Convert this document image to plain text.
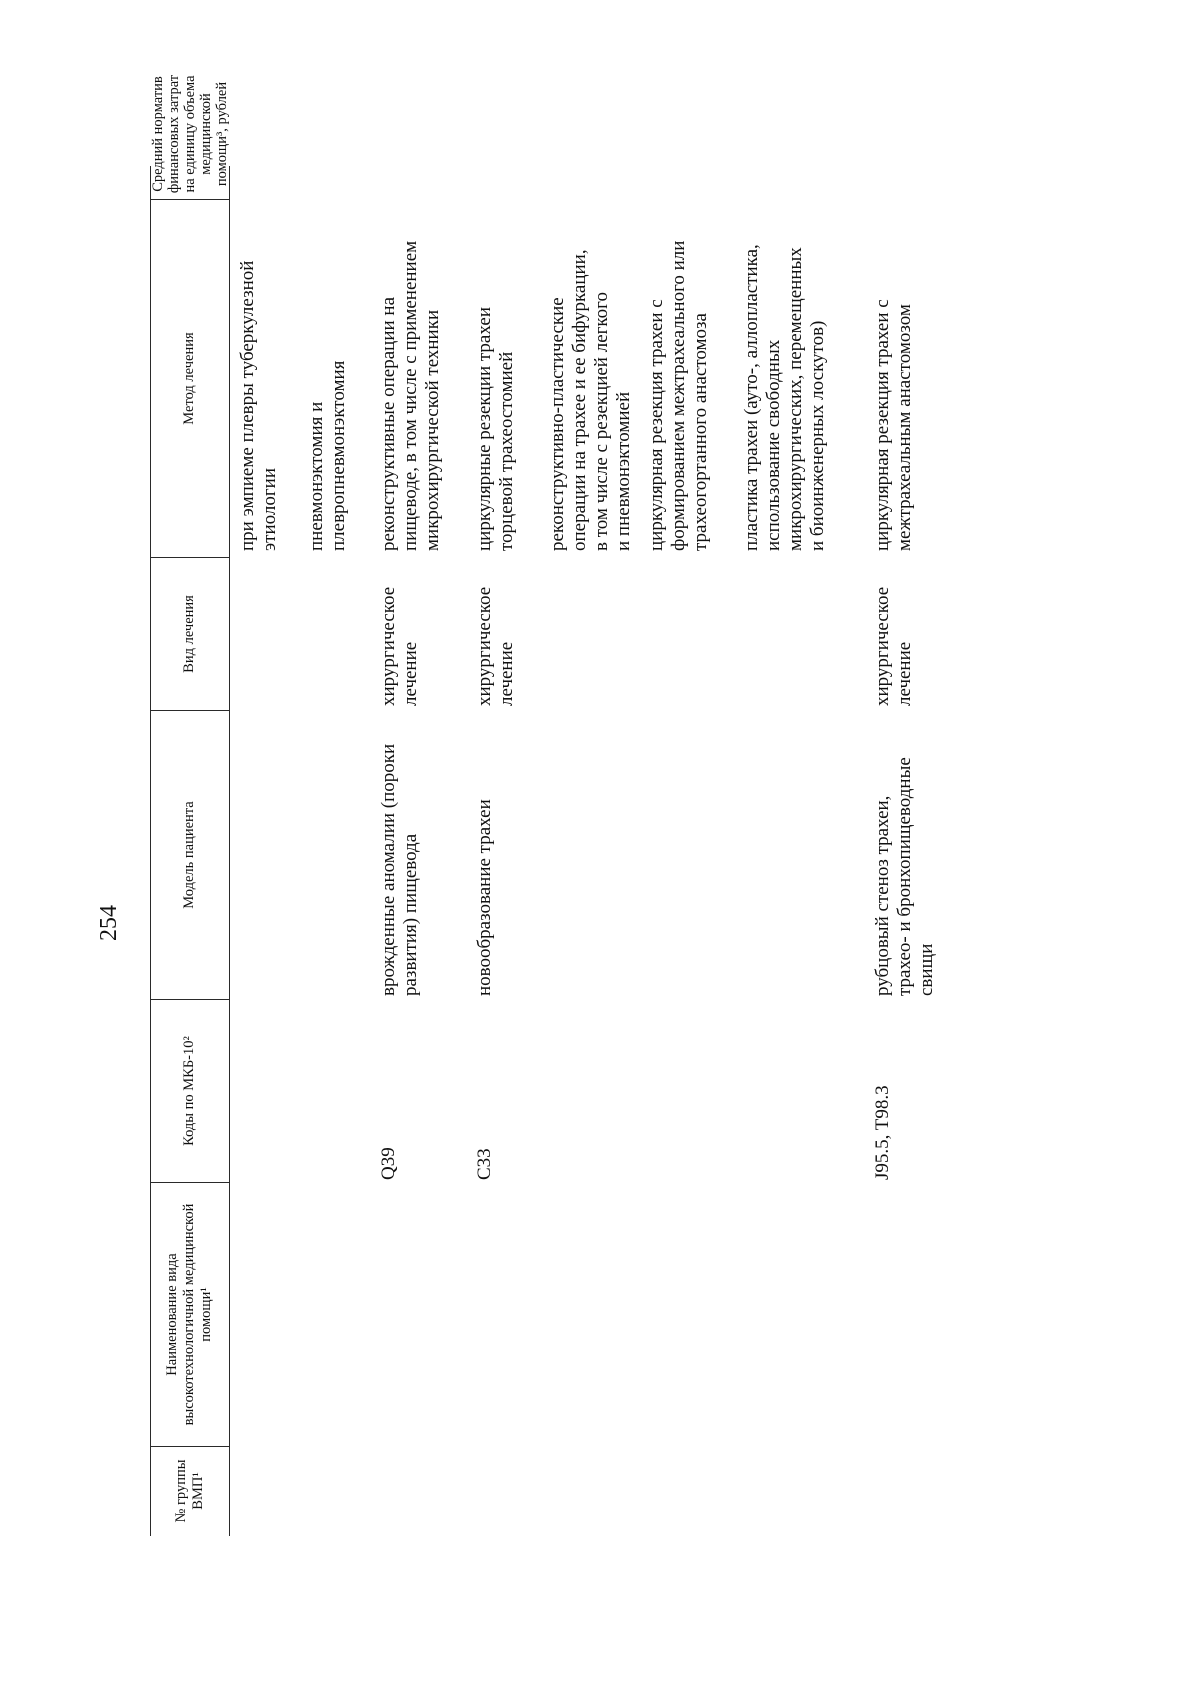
254
№ группы ВМП¹
Наименование вида высокотехнологичной медицинской помощи¹
Коды по МКБ-10²
Модель пациента
Вид лечения
Метод лечения
Средний норматив финансовых затрат на единицу объема медицинской помощи³, рублей
при эмпиеме плевры туберкулезной этиологии пневмонэктомия и плевропневмонэктомия
Q39
врожденные аномалии (пороки развития) пищевода
хирургическое лечение
реконструктивные операции на пищеводе, в том числе с применением микрохирургической техники
C33
новообразование трахеи
хирургическое лечение
циркулярные резекции трахеи торцевой трахеостомией реконструктивно-пластические операции на трахее и ее бифуркации, в том числе с резекцией легкого и пневмонэктомией циркулярная резекция трахеи с формированием межтрахеального или трахеогортанного анастомоза пластика трахеи (ауто-, аллопластика, использование свободных микрохирургических, перемещенных и биоинженерных лоскутов)
J95.5, T98.3
рубцовый стеноз трахеи, трахео- и бронхопищеводные свищи
хирургическое лечение
циркулярная резекция трахеи с межтрахеальным анастомозом
